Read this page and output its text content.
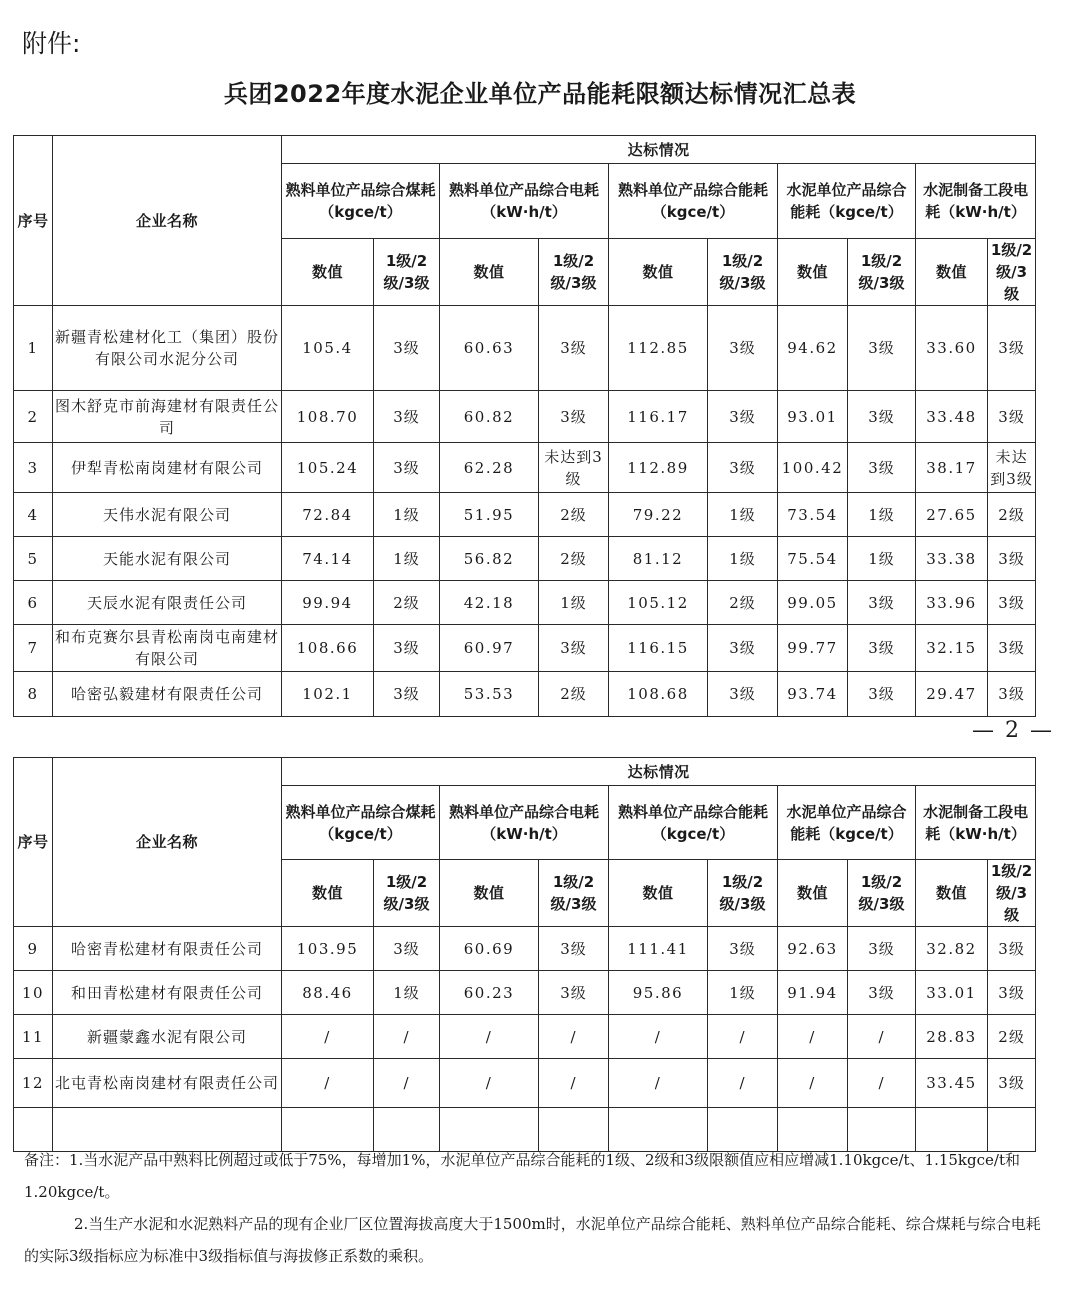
附件:
兵团2022年度水泥企业单位产品能耗限额达标情况汇总表
序号	企业名称	达标情况									
		熟料单位产品综合煤耗（kgce/t）		熟料单位产品综合电耗（kW·h/t）		熟料单位产品综合能耗（kgce/t）		水泥单位产品综合能耗（kgce/t）		水泥制备工段电耗（kW·h/t）	
		数值	1级/2级/3级	数值	1级/2级/3级	数值	1级/2级/3级	数值	1级/2级/3级	数值	1级/2级/3级
1	新疆青松建材化工（集团）股份有限公司水泥分公司	105.4	3级	60.63	3级	112.85	3级	94.62	3级	33.60	3级
2	图木舒克市前海建材有限责任公司	108.70	3级	60.82	3级	116.17	3级	93.01	3级	33.48	3级
3	伊犁青松南岗建材有限公司	105.24	3级	62.28	未达到3级	112.89	3级	100.42	3级	38.17	未达到3级
4	天伟水泥有限公司	72.84	1级	51.95	2级	79.22	1级	73.54	1级	27.65	2级
5	天能水泥有限公司	74.14	1级	56.82	2级	81.12	1级	75.54	1级	33.38	3级
6	天辰水泥有限责任公司	99.94	2级	42.18	1级	105.12	2级	99.05	3级	33.96	3级
7	和布克赛尔县青松南岗屯南建材有限公司	108.66	3级	60.97	3级	116.15	3级	99.77	3级	32.15	3级
8	哈密弘毅建材有限责任公司	102.1	3级	53.53	2级	108.68	3级	93.74	3级	29.47	3级
— 2 —
序号	企业名称	达标情况									
		熟料单位产品综合煤耗（kgce/t）		熟料单位产品综合电耗（kW·h/t）		熟料单位产品综合能耗（kgce/t）		水泥单位产品综合能耗（kgce/t）		水泥制备工段电耗（kW·h/t）	
		数值	1级/2级/3级	数值	1级/2级/3级	数值	1级/2级/3级	数值	1级/2级/3级	数值	1级/2级/3级
9	哈密青松建材有限责任公司	103.95	3级	60.69	3级	111.41	3级	92.63	3级	32.82	3级
10	和田青松建材有限责任公司	88.46	1级	60.23	3级	95.86	1级	91.94	3级	33.01	3级
11	新疆蒙鑫水泥有限公司	/	/	/	/	/	/	/	/	28.83	2级
12	北屯青松南岗建材有限责任公司	/	/	/	/	/	/	/	/	33.45	3级

备注：1.当水泥产品中熟料比例超过或低于75%，每增加1%，水泥单位产品综合能耗的1级、2级和3级限额值应相应增减1.10kgce/t、1.15kgce/t和1.20kgce/t。

2.当生产水泥和水泥熟料产品的现有企业厂区位置海拔高度大于1500m时，水泥单位产品综合能耗、熟料单位产品综合能耗、综合煤耗与综合电耗的实际3级指标应为标准中3级指标值与海拔修正系数的乘积。
